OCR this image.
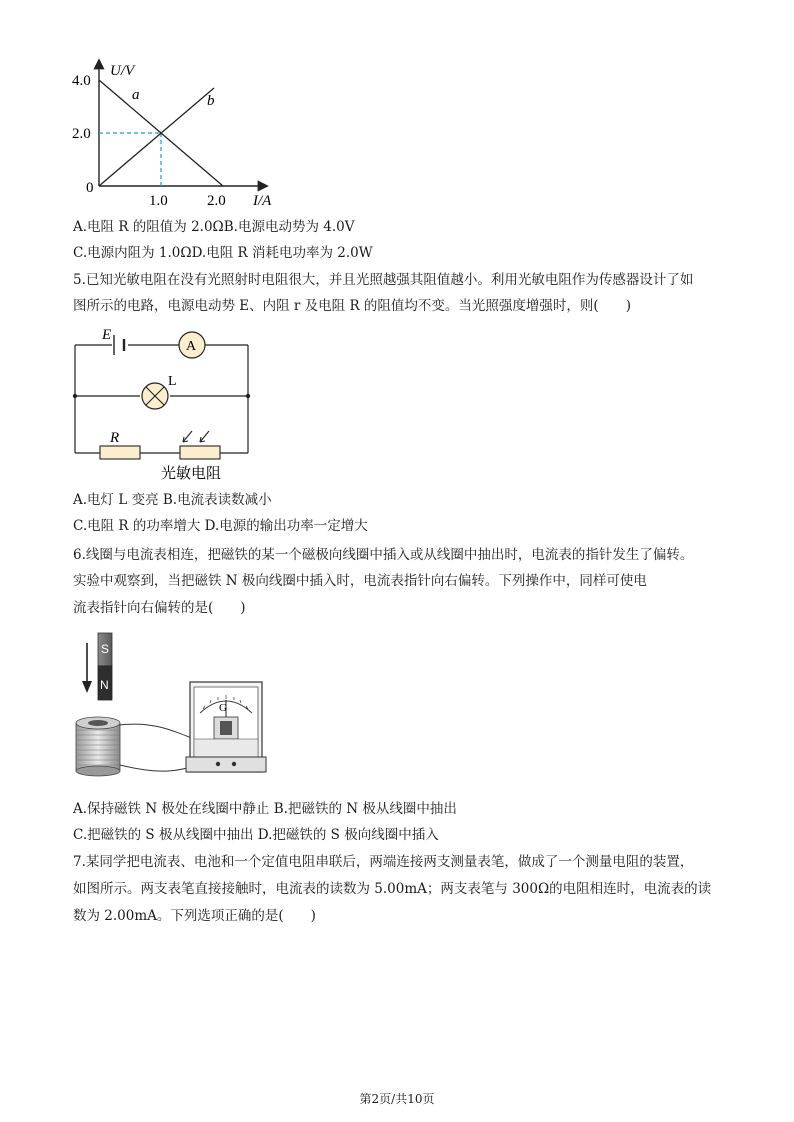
4.0
2.0
0
1.0	2.0
U/V
I/A
a	b
A.电阻 R 的阻值为 2.0ΩB.电源电动势为 4.0V
C.电源内阻为 1.0ΩD.电阻 R 消耗电功率为 2.0W
5.已知光敏电阻在没有光照射时电阻很大，并且光照越强其阻值越小。利用光敏电阻作为传感器设计了如
图所示的电路，电源电动势 E、内阻 r 及电阻 R 的阻值均不变。当光照强度增强时，则(　　)
E
A
L
R
光敏电阻
A.电灯 L 变亮 B.电流表读数减小
C.电阻 R 的功率增大 D.电源的输出功率一定增大
6.线圈与电流表相连，把磁铁的某一个磁极向线圈中插入或从线圈中抽出时，电流表的指针发生了偏转。
实验中观察到，当把磁铁 N 极向线圈中插入时，电流表指针向右偏转。下列操作中，同样可使电
流表指针向右偏转的是(　　)
S
N
G
A.保持磁铁 N 极处在线圈中静止 B.把磁铁的 N 极从线圈中抽出
C.把磁铁的 S 极从线圈中抽出 D.把磁铁的 S 极向线圈中插入
7.某同学把电流表、电池和一个定值电阻串联后，两端连接两支测量表笔，做成了一个测量电阻的装置，
如图所示。两支表笔直接接触时，电流表的读数为 5.00mA；两支表笔与 300Ω的电阻相连时，电流表的读
数为 2.00mA。下列选项正确的是(　　)
第2页/共10页
